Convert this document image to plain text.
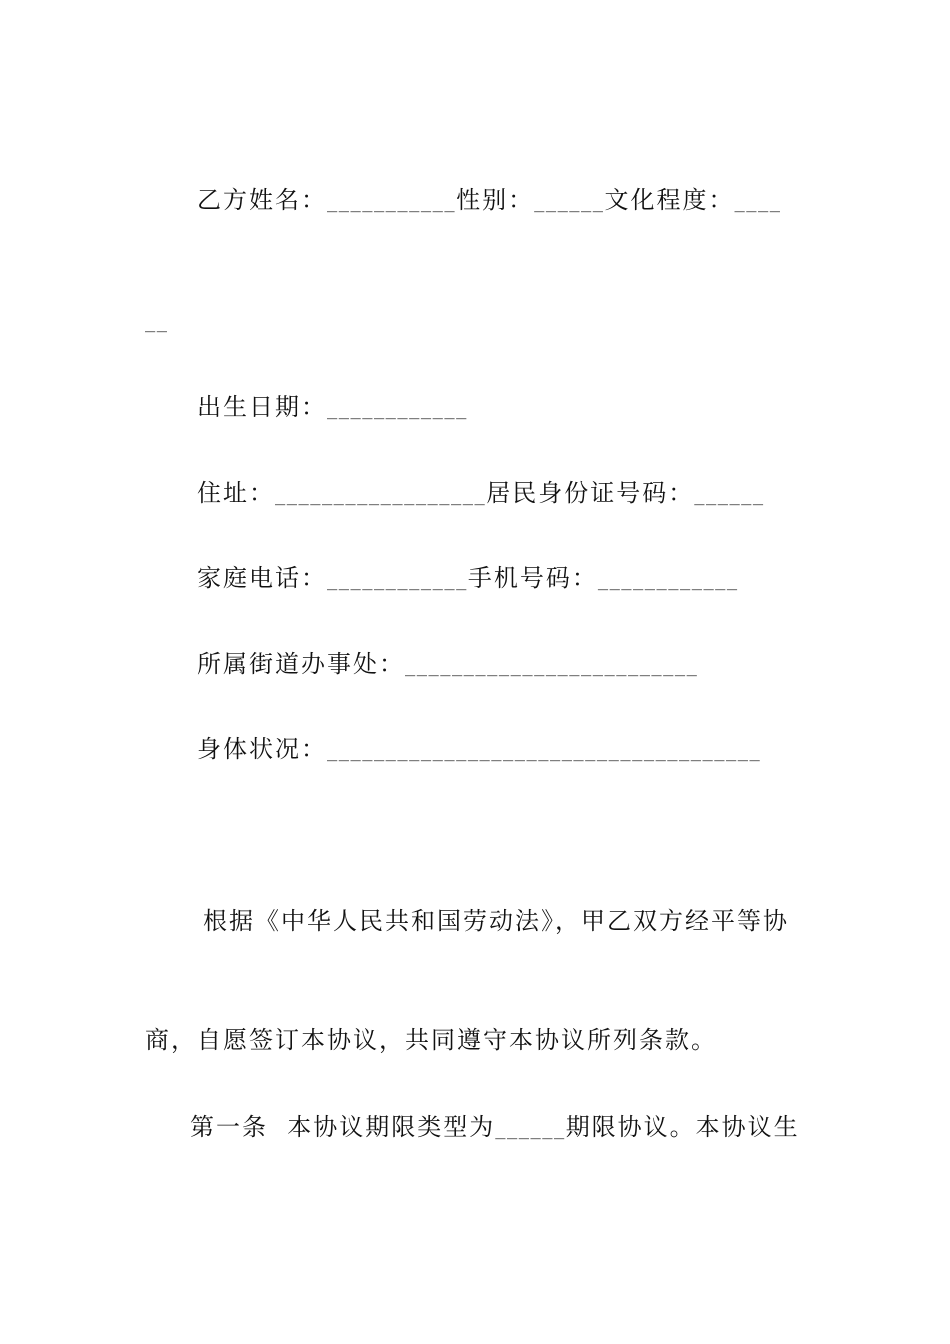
乙方姓名：___________性别：______文化程度：____
__
出生日期：____________
住址：__________________居民身份证号码：______
家庭电话：____________手机号码：____________
所属街道办事处：_________________________
身体状况：_____________________________________
根据《中华人民共和国劳动法》，甲乙双方经平等协
商，自愿签订本协议，共同遵守本协议所列条款。
第一条  本协议期限类型为______期限协议。本协议生
